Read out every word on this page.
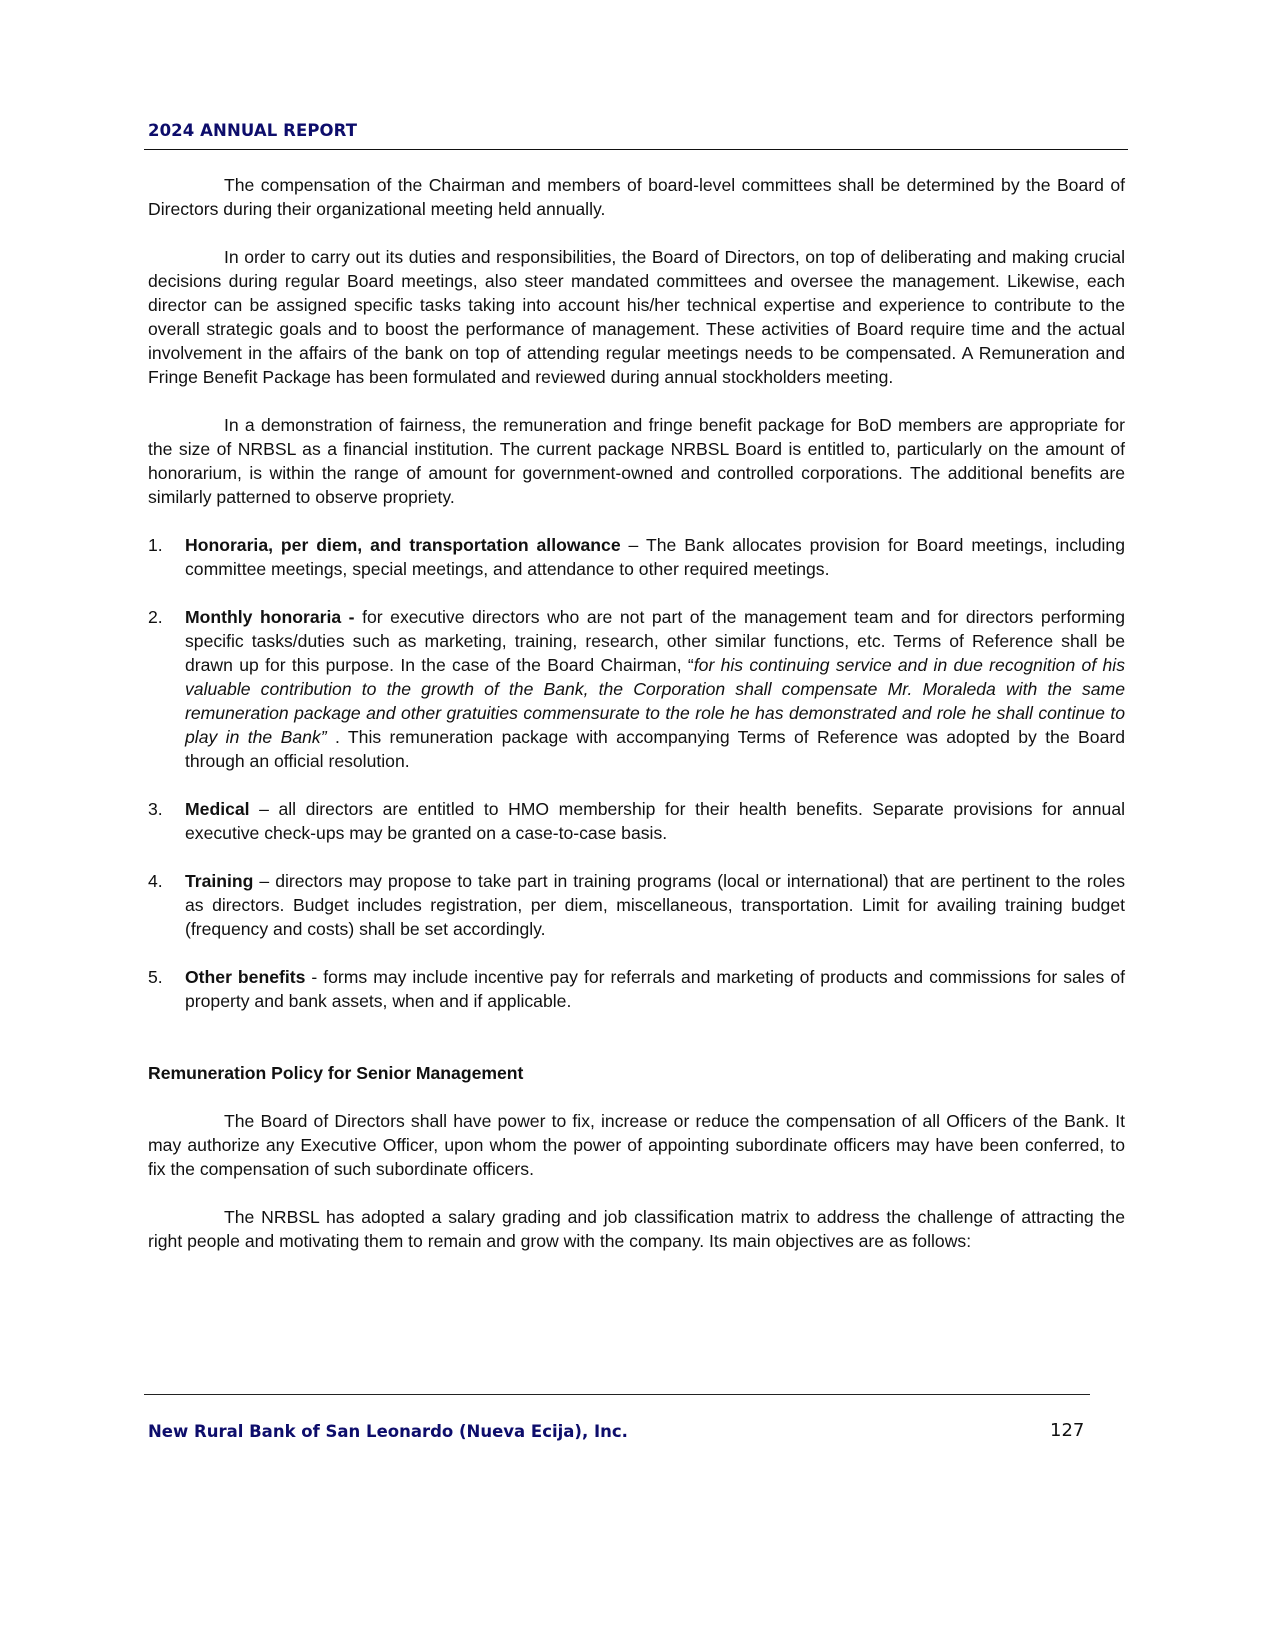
2024 ANNUAL REPORT

The compensation of the Chairman and members of board-level committees shall be determined by the Board of Directors during their organizational meeting held annually.

In order to carry out its duties and responsibilities, the Board of Directors, on top of deliberating and making crucial decisions during regular Board meetings, also steer mandated committees and oversee the management. Likewise, each director can be assigned specific tasks taking into account his/her technical expertise and experience to contribute to the overall strategic goals and to boost the performance of management. These activities of Board require time and the actual involvement in the affairs of the bank on top of attending regular meetings needs to be compensated. A Remuneration and Fringe Benefit Package has been formulated and reviewed during annual stockholders meeting.

In a demonstration of fairness, the remuneration and fringe benefit package for BoD members are appropriate for the size of NRBSL as a financial institution. The current package NRBSL Board is entitled to, particularly on the amount of honorarium, is within the range of amount for government-owned and controlled corporations. The additional benefits are similarly patterned to observe propriety.

1. Honoraria, per diem, and transportation allowance – The Bank allocates provision for Board meetings, including committee meetings, special meetings, and attendance to other required meetings.
2. Monthly honoraria - for executive directors who are not part of the management team and for directors performing specific tasks/duties such as marketing, training, research, other similar functions, etc. Terms of Reference shall be drawn up for this purpose. In the case of the Board Chairman, “for his continuing service and in due recognition of his valuable contribution to the growth of the Bank, the Corporation shall compensate Mr. Moraleda with the same remuneration package and other gratuities commensurate to the role he has demonstrated and role he shall continue to play in the Bank” . This remuneration package with accompanying Terms of Reference was adopted by the Board through an official resolution.
3. Medical – all directors are entitled to HMO membership for their health benefits. Separate provisions for annual executive check-ups may be granted on a case-to-case basis.
4. Training – directors may propose to take part in training programs (local or international) that are pertinent to the roles as directors. Budget includes registration, per diem, miscellaneous, transportation. Limit for availing training budget (frequency and costs) shall be set accordingly.
5. Other benefits - forms may include incentive pay for referrals and marketing of products and commissions for sales of property and bank assets, when and if applicable.
Remuneration Policy for Senior Management

The Board of Directors shall have power to fix, increase or reduce the compensation of all Officers of the Bank. It may authorize any Executive Officer, upon whom the power of appointing subordinate officers may have been conferred, to fix the compensation of such subordinate officers.

The NRBSL has adopted a salary grading and job classification matrix to address the challenge of attracting the right people and motivating them to remain and grow with the company. Its main objectives are as follows:

New Rural Bank of San Leonardo (Nueva Ecija), Inc.	127
